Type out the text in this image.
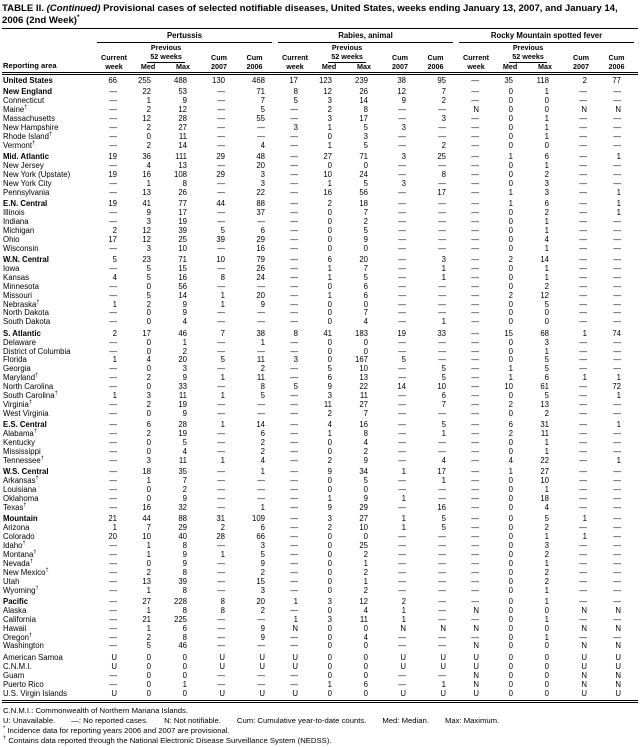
TABLE II. (Continued) Provisional cases of selected notifiable diseases, United States, weeks ending January 13, 2007, and January 14, 2006 (2nd Week)*
Reporting area
Pertussis
Current
week
Previous
52 weeks
Med	Max
Cum
2007
Cum
2006
Rabies, animal
Current
week
Previous
52 weeks
Med	Max
Cum
2007
Cum
2006
Rocky Mountain spotted fever
Current
week
Previous
52 weeks
Med	Max
Cum
2007
Cum
2006
United States	66	255	488	130	468	17	123	239	38	95	—	35	118	2	77
New England	—	22	53	—	71	8	12	26	12	7	—	0	1	—	—
Connecticut	—	1	9	—	7	5	3	14	9	2	—	0	0	—	—
Maine†	—	2	12	—	5	—	2	8	—	—	N	0	0	N	N
Massachusetts	—	12	28	—	55	—	3	17	—	3	—	0	1	—	—
New Hampshire	—	2	27	—	—	3	1	5	3	—	—	0	1	—	—
Rhode Island†	—	0	11	—	—	—	0	3	—	—	—	0	1	—	—
Vermont†	—	2	14	—	4	—	1	5	—	2	—	0	0	—	—
Mid. Atlantic	19	36	111	29	48	—	27	71	3	25	—	1	6	—	1
New Jersey	—	4	13	—	20	—	0	0	—	—	—	0	1	—	—
New York (Upstate)	19	16	108	29	3	—	10	24	—	8	—	0	2	—	—
New York City	—	1	8	—	3	—	1	5	3	—	—	0	3	—	—
Pennsylvania	—	13	26	—	22	—	16	56	—	17	—	1	3	—	1
E.N. Central	19	41	77	44	88	—	2	18	—	—	—	1	6	—	1
Illinois	—	9	17	—	37	—	0	7	—	—	—	0	2	—	1
Indiana	—	3	19	—	—	—	0	2	—	—	—	0	1	—	—
Michigan	2	12	39	5	6	—	0	5	—	—	—	0	1	—	—
Ohio	17	12	25	39	29	—	0	9	—	—	—	0	4	—	—
Wisconsin	—	3	10	—	16	—	0	0	—	—	—	0	1	—	—
W.N. Central	5	23	71	10	79	—	6	20	—	3	—	2	14	—	—
Iowa	—	5	15	—	26	—	1	7	—	1	—	0	1	—	—
Kansas	4	5	16	8	24	—	1	5	—	1	—	0	1	—	—
Minnesota	—	0	56	—	—	—	0	6	—	—	—	0	2	—	—
Missouri	—	5	14	1	20	—	1	6	—	—	—	2	12	—	—
Nebraska†	1	2	9	1	9	—	0	0	—	—	—	0	5	—	—
North Dakota	—	0	9	—	—	—	0	7	—	—	—	0	0	—	—
South Dakota	—	0	4	—	—	—	0	4	—	1	—	0	0	—	—
S. Atlantic	2	17	46	7	38	8	41	183	19	33	—	15	68	1	74
Delaware	—	0	1	—	1	—	0	0	—	—	—	0	3	—	—
District of Columbia	—	0	2	—	—	—	0	0	—	—	—	0	1	—	—
Florida	1	4	20	5	11	3	0	167	5	—	—	0	5	—	—
Georgia	—	0	3	—	2	—	5	10	—	5	—	1	5	—	—
Maryland†	—	2	9	1	11	—	6	13	—	5	—	1	6	1	1
North Carolina	—	0	33	—	8	5	9	22	14	10	—	10	61	—	72
South Carolina†	1	3	11	1	5	—	3	11	—	6	—	0	5	—	1
Virginia†	—	2	19	—	—	—	11	27	—	7	—	2	13	—	—
West Virginia	—	0	9	—	—	—	2	7	—	—	—	0	2	—	—
E.S. Central	—	6	28	1	14	—	4	16	—	5	—	6	31	—	1
Alabama†	—	2	19	—	6	—	1	8	—	1	—	2	11	—	—
Kentucky	—	0	5	—	2	—	0	4	—	—	—	0	1	—	—
Mississippi	—	0	4	—	2	—	0	2	—	—	—	0	1	—	—
Tennessee†	—	3	11	1	4	—	2	9	—	4	—	4	22	—	1
W.S. Central	—	18	35	—	1	—	9	34	1	17	—	1	27	—	—
Arkansas†	—	1	7	—	—	—	0	5	—	1	—	0	10	—	—
Louisiana	—	0	2	—	—	—	0	0	—	—	—	0	1	—	—
Oklahoma	—	0	9	—	—	—	1	9	1	—	—	0	18	—	—
Texas†	—	16	32	—	1	—	9	29	—	16	—	0	4	—	—
Mountain	21	44	88	31	109	—	3	27	1	5	—	0	5	1	—
Arizona	1	7	29	2	6	—	2	10	1	5	—	0	2	—	—
Colorado	20	10	40	28	66	—	0	0	—	—	—	0	1	1	—
Idaho†	—	1	8	—	3	—	0	25	—	—	—	0	3	—	—
Montana†	—	1	9	1	5	—	0	2	—	—	—	0	2	—	—
Nevada†	—	0	9	—	9	—	0	1	—	—	—	0	1	—	—
New Mexico†	—	2	8	—	2	—	0	2	—	—	—	0	2	—	—
Utah	—	13	39	—	15	—	0	1	—	—	—	0	2	—	—
Wyoming†	—	1	8	—	3	—	0	2	—	—	—	0	1	—	—
Pacific	—	27	228	8	20	1	3	12	2	—	—	0	1	—	—
Alaska	—	1	8	8	2	—	0	4	1	—	N	0	0	N	N
California	—	21	225	—	—	1	3	11	1	—	—	0	1	—	—
Hawaii	—	1	6	—	9	N	0	0	N	N	N	0	0	N	N
Oregon†	—	2	8	—	9	—	0	4	—	—	—	0	1	—	—
Washington	—	5	46	—	—	—	0	0	—	—	N	0	0	N	N
American Samoa	U	0	0	U	U	U	0	0	U	U	U	0	0	U	U
C.N.M.I.	U	0	0	U	U	U	0	0	U	U	U	0	0	U	U
Guam	—	0	0	—	—	—	0	0	—	—	N	0	0	N	N
Puerto Rico	—	0	1	—	—	—	1	6	—	1	N	0	0	N	N
U.S. Virgin Islands	U	0	0	U	U	U	0	0	U	U	U	0	0	U	U
C.N.M.I.: Commonwealth of Northern Mariana Islands.
U: Unavailable. —: No reported cases. N: Not notifiable. Cum: Cumulative year-to-date counts. Med: Median. Max: Maximum.
* Incidence data for reporting years 2006 and 2007 are provisional.
† Contains data reported through the National Electronic Disease Surveillance System (NEDSS).
